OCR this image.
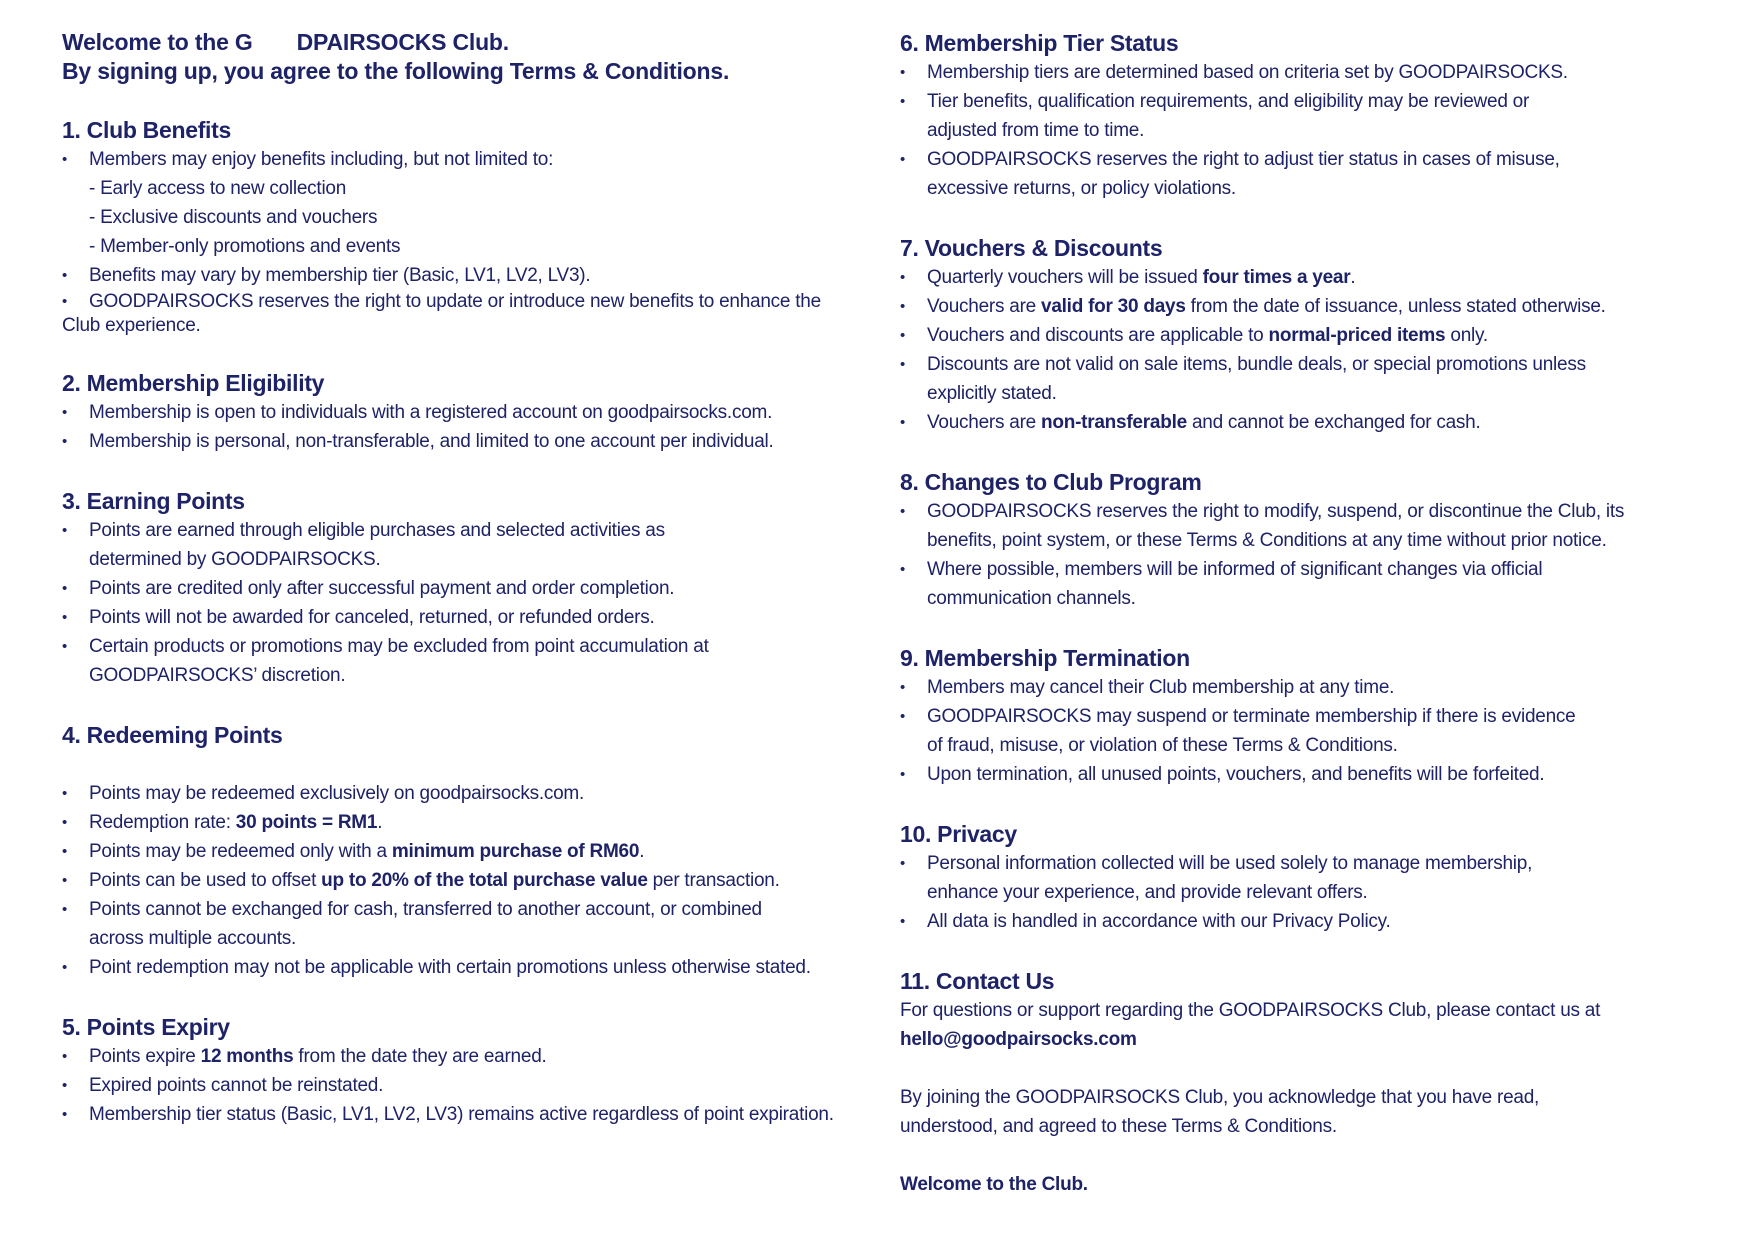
Welcome to the G DPAIRSOCKS Club.
By signing up, you agree to the following Terms & Conditions.
1. Club Benefits
• Members may enjoy benefits including, but not limited to:
- Early access to new collection
- Exclusive discounts and vouchers
- Member-only promotions and events
• Benefits may vary by membership tier (Basic, LV1, LV2, LV3).
• GOODPAIRSOCKS reserves the right to update or introduce new benefits to enhance the Club experience.
2. Membership Eligibility
• Membership is open to individuals with a registered account on goodpairsocks.com.
• Membership is personal, non-transferable, and limited to one account per individual.
3. Earning Points
• Points are earned through eligible purchases and selected activities as determined by GOODPAIRSOCKS.
• Points are credited only after successful payment and order completion.
• Points will not be awarded for canceled, returned, or refunded orders.
• Certain products or promotions may be excluded from point accumulation at GOODPAIRSOCKS’ discretion.
4. Redeeming Points
• Points may be redeemed exclusively on goodpairsocks.com.
• Redemption rate: 30 points = RM1.
• Points may be redeemed only with a minimum purchase of RM60.
• Points can be used to offset up to 20% of the total purchase value per transaction.
• Points cannot be exchanged for cash, transferred to another account, or combined across multiple accounts.
• Point redemption may not be applicable with certain promotions unless otherwise stated.
5. Points Expiry
• Points expire 12 months from the date they are earned.
• Expired points cannot be reinstated.
• Membership tier status (Basic, LV1, LV2, LV3) remains active regardless of point expiration.
6. Membership Tier Status
• Membership tiers are determined based on criteria set by GOODPAIRSOCKS.
• Tier benefits, qualification requirements, and eligibility may be reviewed or adjusted from time to time.
• GOODPAIRSOCKS reserves the right to adjust tier status in cases of misuse, excessive returns, or policy violations.
7. Vouchers & Discounts
• Quarterly vouchers will be issued four times a year.
• Vouchers are valid for 30 days from the date of issuance, unless stated otherwise.
• Vouchers and discounts are applicable to normal-priced items only.
• Discounts are not valid on sale items, bundle deals, or special promotions unless explicitly stated.
• Vouchers are non-transferable and cannot be exchanged for cash.
8. Changes to Club Program
• GOODPAIRSOCKS reserves the right to modify, suspend, or discontinue the Club, its benefits, point system, or these Terms & Conditions at any time without prior notice.
• Where possible, members will be informed of significant changes via official communication channels.
9. Membership Termination
• Members may cancel their Club membership at any time.
• GOODPAIRSOCKS may suspend or terminate membership if there is evidence of fraud, misuse, or violation of these Terms & Conditions.
• Upon termination, all unused points, vouchers, and benefits will be forfeited.
10. Privacy
• Personal information collected will be used solely to manage membership, enhance your experience, and provide relevant offers.
• All data is handled in accordance with our Privacy Policy.
11. Contact Us

For questions or support regarding the GOODPAIRSOCKS Club, please contact us at

hello@goodpairsocks.com

By joining the GOODPAIRSOCKS Club, you acknowledge that you have read, understood, and agreed to these Terms & Conditions.

Welcome to the Club.
